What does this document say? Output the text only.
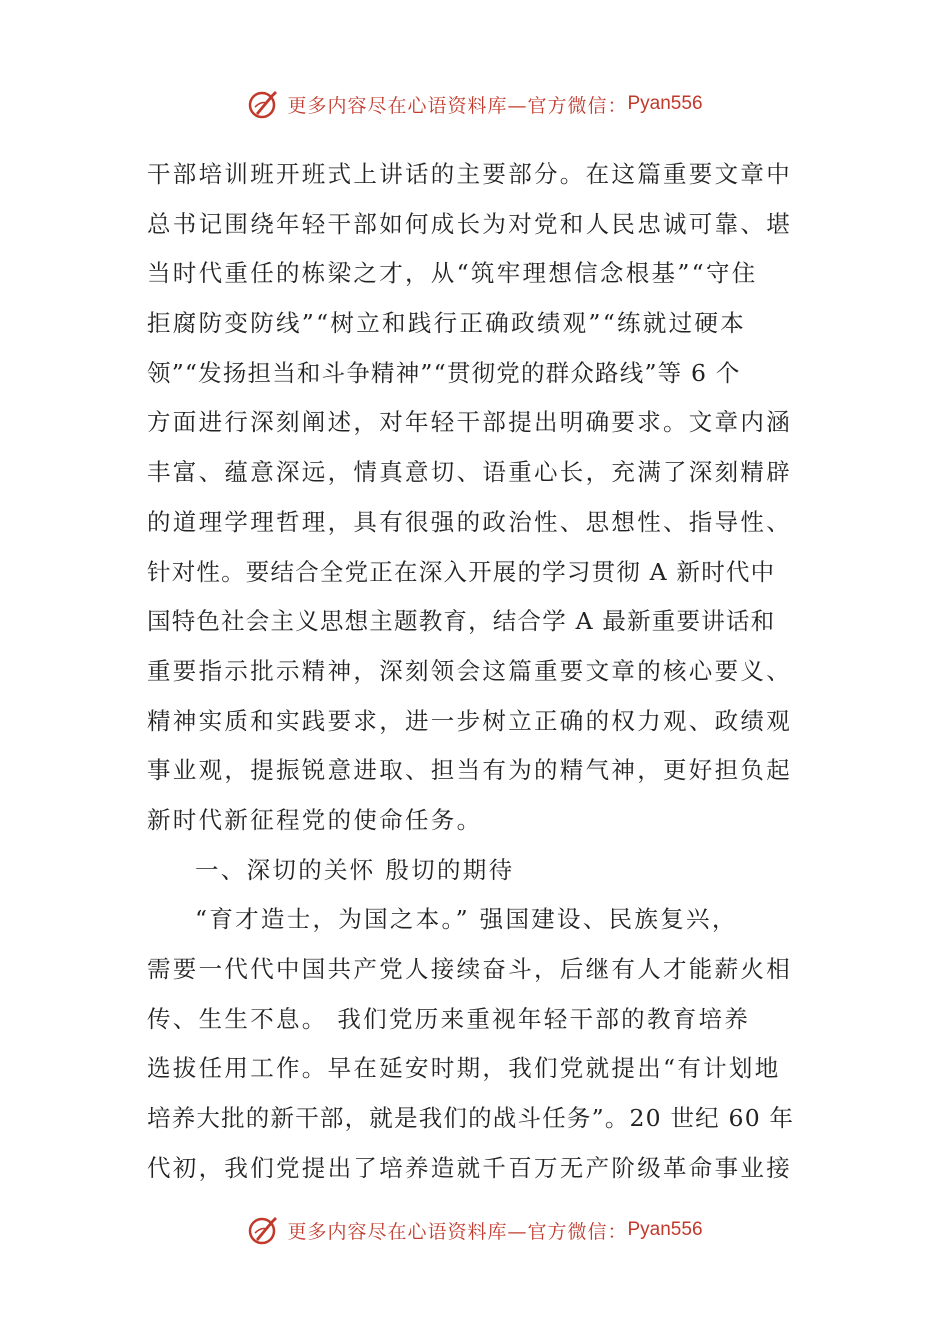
更多内容尽在心语资料库—官方微信： Pyan556
干部培训班开班式上讲话的主要部分。在这篇重要文章中
总书记围绕年轻干部如何成长为对党和人民忠诚可靠、堪
当时代重任的栋梁之才，从“筑牢理想信念根基”“守住
拒腐防变防线”“树立和践行正确政绩观”“练就过硬本
领”“发扬担当和斗争精神”“贯彻党的群众路线”等 6 个
方面进行深刻阐述，对年轻干部提出明确要求。文章内涵
丰富、蕴意深远，情真意切、语重心长，充满了深刻精辟
的道理学理哲理，具有很强的政治性、思想性、指导性、
针对性。要结合全党正在深入开展的学习贯彻 A 新时代中
国特色社会主义思想主题教育，结合学 A 最新重要讲话和
重要指示批示精神，深刻领会这篇重要文章的核心要义、
精神实质和实践要求，进一步树立正确的权力观、政绩观
事业观，提振锐意进取、担当有为的精气神，更好担负起
新时代新征程党的使命任务。
一、深切的关怀 殷切的期待
“育才造士，为国之本。” 强国建设、民族复兴，
需要一代代中国共产党人接续奋斗，后继有人才能薪火相
传、生生不息。 我们党历来重视年轻干部的教育培养
选拔任用工作。早在延安时期，我们党就提出“有计划地
培养大批的新干部，就是我们的战斗任务”。20 世纪 60 年
代初，我们党提出了培养造就千百万无产阶级革命事业接
更多内容尽在心语资料库—官方微信： Pyan556
